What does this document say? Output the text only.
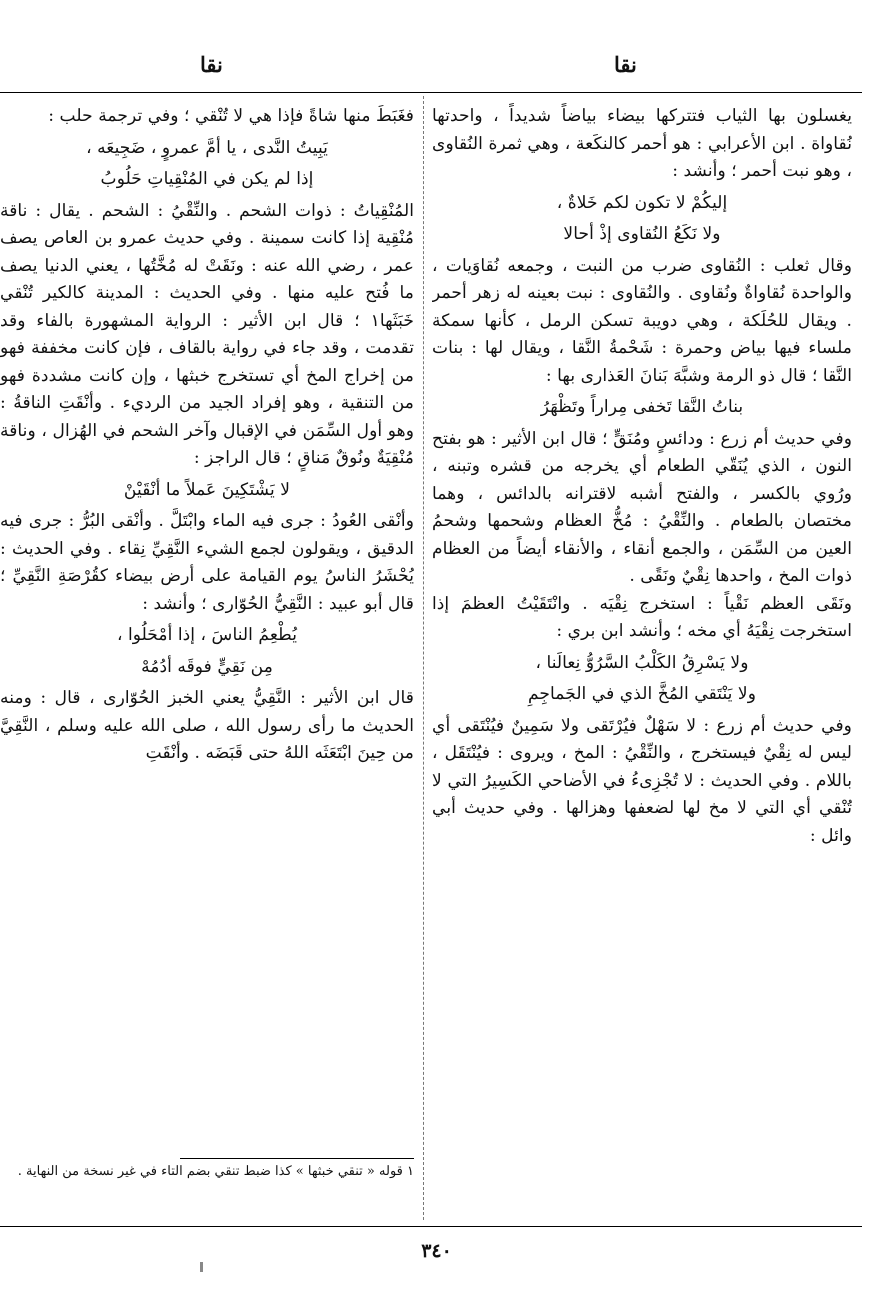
نقا
نقا

يغسلون بها الثياب فتتركها بيضاء بياضاً شديداً ، واحدتها نُقاواة . ابن الأعرابي : هو أحمر كالنكَعة ، وهي ثمرة النُقاوى ، وهو نبت أحمر ؛ وأنشد :

إليكُمْ لا تكون لكم خَلاةٌ ،

ولا نَكَعُ النُقاوى إذْ أحالا

وقال ثعلب : النُقاوى ضرب من النبت ، وجمعه نُقاوَيات ، والواحدة نُقاواةٌ ونُقاوى . والنُقاوى : نبت بعينه له زهر أحمر . ويقال للحُلَكة ، وهي دويبة تسكن الرمل ، كأنها سمكة ملساء فيها بياض وحمرة : شَحْمةُ النَّقا ، ويقال لها : بنات النَّقا ؛ قال ذو الرمة وشبَّهَ بَنانَ العَذارى بها :

بناتُ النَّقا تَخفى مِراراً وتَظْهَرُ

وفي حديث أم زرع : ودائسٍ ومُنَقٍّ ؛ قال ابن الأثير : هو بفتح النون ، الذي يُنَقّي الطعام أي يخرجه من قشره وتبنه ، ورُوي بالكسر ، والفتح أشبه لاقترانه بالدائس ، وهما مختصان بالطعام . والنِّقْيُ : مُخُّ العظام وشحمها وشحمُ العين من السِّمَن ، والجمع أنقاء ، والأنقاء أيضاً من العظام ذوات المخ ، واحدها نِقْيٌ ونَقًى .

ونَقَى العظم نَقْياً : استخرج نِقْيَه . وانْتَقَيْتُ العظمَ إذا استخرجت نِقْيَهُ أي مخه ؛ وأنشد ابن بري :

ولا يَسْرِقُ الكَلْبُ السَّرُوُّ نِعالَنا ،

ولا يَنْتَقي المُخَّ الذي في الجَماجِمِ

وفي حديث أم زرع : لا سَهْلٌ فيُرْتَقى ولا سَمِينٌ فيُنْتَقى أي ليس له نِقْيٌ فيستخرج ، والنِّقْيُ : المخ ، ويروى : فيُنْتَقَل ، باللام . وفي الحديث : لا تُجْزِىءُ في الأضاحي الكَسِيرُ التي لا تُنْقي أي التي لا مخ لها لضعفها وهزالها . وفي حديث أبي وائل :

فغَبَطَ منها شاةً فإذا هي لا تُنْقي ؛ وفي ترجمة حلب :

يَبِيتُ النَّدى ، يا أمَّ عمروٍ ، ضَجِيعَه ،

إذا لم يكن في المُنْقِياتِ حَلُوبُ

المُنْقِياتُ : ذوات الشحم . والنِّقْيُ : الشحم . يقال : ناقة مُنْقِية إذا كانت سمينة . وفي حديث عمرو بن العاص يصف عمر ، رضي الله عنه : ونَقَتْ له مُخَّتُها ، يعني الدنيا يصف ما فُتح عليه منها . وفي الحديث : المدينة كالكير تُنْقي خَبَثَها١ ؛ قال ابن الأثير : الرواية المشهورة بالفاء وقد تقدمت ، وقد جاء في رواية بالقاف ، فإن كانت مخففة فهو من إخراج المخ أي تستخرج خبثها ، وإن كانت مشددة فهو من التنقية ، وهو إفراد الجيد من الرديء . وأنْقَتِ الناقةُ : وهو أول السِّمَن في الإقبال وآخر الشحم في الهُزال ، وناقة مُنْقِيَةٌ ونُوقٌ مَناقٍ ؛ قال الراجز :

لا يَشْتَكِينَ عَملاً ما أنْقَيْنْ

وأنْقى العُودُ : جرى فيه الماء وابْتَلَّ . وأنْقى البُرُّ : جرى فيه الدقيق ، ويقولون لجمع الشيء النَّقِيِّ نِقاء . وفي الحديث : يُحْشَرُ الناسُ يوم القيامة على أرض بيضاء كقُرْصَةِ النَّقِيِّ ؛ قال أبو عبيد : النَّقِيُّ الحُوّارى ؛ وأنشد :

يُطْعِمُ الناسَ ، إذا أمْحَلُوا ،

مِن نَقِيٍّ فوقَه أدُمُهْ

قال ابن الأثير : النَّقِيُّ يعني الخبز الحُوّارى ، قال : ومنه الحديث ما رأى رسول الله ، صلى الله عليه وسلم ، النَّقِيَّ من حِينَ ابْتَعَثَه اللهُ حتى قَبَضَه . وأنْقَتِ

١ قوله « تنقي خبثها » كذا ضبط تنقي بضم التاء في غير نسخة من النهاية .
٣٤٠
